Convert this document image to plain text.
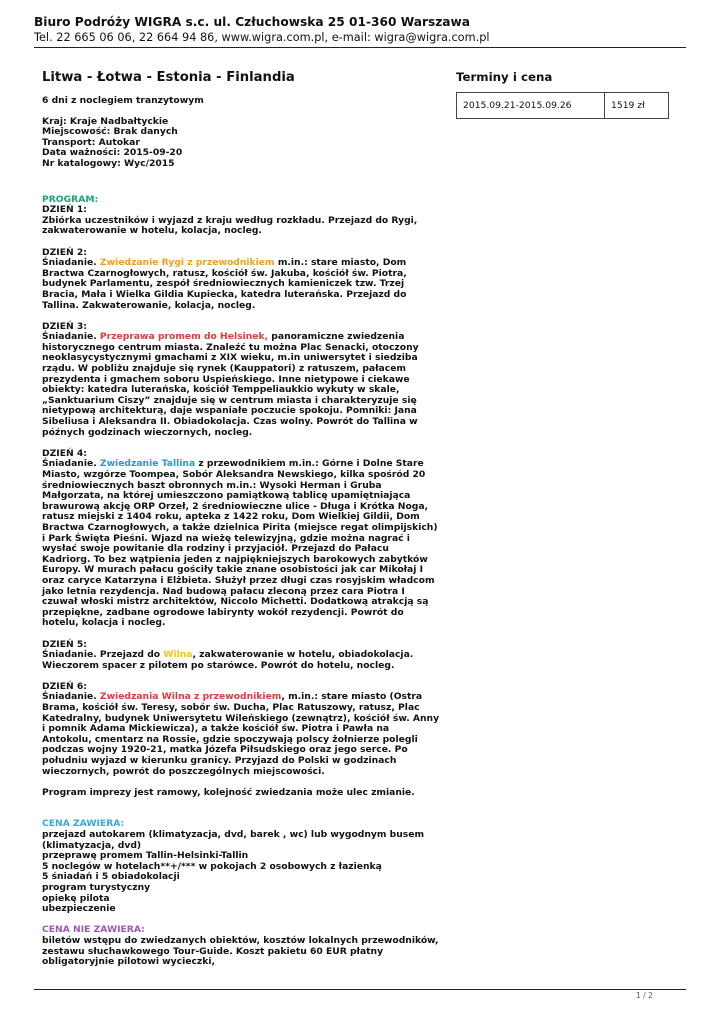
Biuro Podróży WIGRA s.c. ul. Człuchowska 25 01-360 Warszawa
Tel. 22 665 06 06, 22 664 94 86, www.wigra.com.pl, e-mail: wigra@wigra.com.pl
Litwa - Łotwa - Estonia - Finlandia
6 dni z noclegiem tranzytowym

Kraj: Kraje Nadbałtyckie

Miejscowość: Brak danych

Transport: Autokar

Data ważności: 2015-09-20

Nr katalogowy: Wyc/2015

PROGRAM:
DZIEŃ 1:
Zbiórka uczestników i wyjazd z kraju według rozkładu. Przejazd do Rygi, zakwaterowanie w hotelu, kolacja, nocleg.
DZIEŃ 2:
Śniadanie. Zwiedzanie Rygi z przewodnikiem m.in.: stare miasto, Dom Bractwa Czarnogłowych, ratusz, kościół św. Jakuba, kościół św. Piotra, budynek Parlamentu, zespół średniowiecznych kamieniczek tzw. Trzej Bracia, Mała i Wielka Gildia Kupiecka, katedra luterańska. Przejazd do Tallina. Zakwaterowanie, kolacja, nocleg.
DZIEŃ 3:
Śniadanie. Przeprawa promem do Helsinek, panoramiczne zwiedzenia historycznego centrum miasta. Znaleźć tu można Plac Senacki, otoczony neoklasycystycznymi gmachami z XIX wieku, m.in uniwersytet i siedziba rządu. W pobliżu znajduje się rynek (Kauppatori) z ratuszem, pałacem prezydenta i gmachem soboru Uspieńskiego. Inne nietypowe i ciekawe obiekty: katedra luterańska, kościół Temppeliaukkio wykuty w skale, „Sanktuarium Ciszy” znajduje się w centrum miasta i charakteryzuje się nietypową architekturą, daje wspaniałe poczucie spokoju. Pomniki: Jana Sibeliusa i Aleksandra II. Obiadokolacja. Czas wolny. Powrót do Tallina w późnych godzinach wieczornych, nocleg.
DZIEŃ 4:
Śniadanie. Zwiedzanie Tallina z przewodnikiem m.in.: Górne i Dolne Stare Miasto, wzgórze Toompea, Sobór Aleksandra Newskiego, kilka spośród 20 średniowiecznych baszt obronnych m.in.: Wysoki Herman i Gruba Małgorzata, na której umieszczono pamiątkową tablicę upamiętniająca brawurową akcję ORP Orzeł, 2 średniowieczne ulice - Długa i Krótka Noga, ratusz miejski z 1404 roku, apteka z 1422 roku, Dom Wielkiej Gildii, Dom Bractwa Czarnogłowych, a także dzielnica Pirita (miejsce regat olimpijskich) i Park Święta Pieśni. Wjazd na wieżę telewizyjną, gdzie można nagrać i wysłać swoje powitanie dla rodziny i przyjaciół. Przejazd do Pałacu Kadriorg. To bez wątpienia jeden z najpiękniejszych barokowych zabytków Europy. W murach pałacu gościły takie znane osobistości jak car Mikołaj I oraz caryce Katarzyna i Elżbieta. Służył przez długi czas rosyjskim władcom jako letnia rezydencja. Nad budową pałacu zleconą przez cara Piotra I czuwał włoski mistrz architektów, Niccolo Michetti. Dodatkową atrakcją są przepiękne, zadbane ogrodowe labirynty wokół rezydencji. Powrót do hotelu, kolacja i nocleg.
DZIEŃ 5:
Śniadanie. Przejazd do Wilna, zakwaterowanie w hotelu, obiadokolacja. Wieczorem spacer z pilotem po starówce. Powrót do hotelu, nocleg.
DZIEŃ 6:
Śniadanie. Zwiedzania Wilna z przewodnikiem, m.in.: stare miasto (Ostra Brama, kościół św. Teresy, sobór św. Ducha, Plac Ratuszowy, ratusz, Plac Katedralny, budynek Uniwersytetu Wileńskiego (zewnątrz), kościół św. Anny i pomnik Adama Mickiewicza), a także kościół św. Piotra i Pawła na Antokolu, cmentarz na Rossie, gdzie spoczywają polscy żołnierze polegli podczas wojny 1920-21, matka Józefa Piłsudskiego oraz jego serce. Po południu wyjazd w kierunku granicy. Przyjazd do Polski w godzinach wieczornych, powrót do poszczególnych miejscowości.
Program imprezy jest ramowy, kolejność zwiedzania może ulec zmianie.
CENA ZAWIERA:

przejazd autokarem (klimatyzacja, dvd, barek , wc) lub wygodnym busem (klimatyzacja, dvd)

przeprawę promem Tallin-Helsinki-Tallin

5 noclegów w hotelach**+/*** w pokojach 2 osobowych z łazienką

5 śniadań i 5 obiadokolacji

program turystyczny

opiekę pilota

ubezpieczenie

CENA NIE ZAWIERA:
biletów wstępu do zwiedzanych obiektów, kosztów lokalnych przewodników, zestawu słuchawkowego Tour-Guide. Koszt pakietu 60 EUR płatny obligatoryjnie pilotowi wycieczki,
Terminy i cena
2015.09.21-2015.09.26	1519 zł
1 / 2
